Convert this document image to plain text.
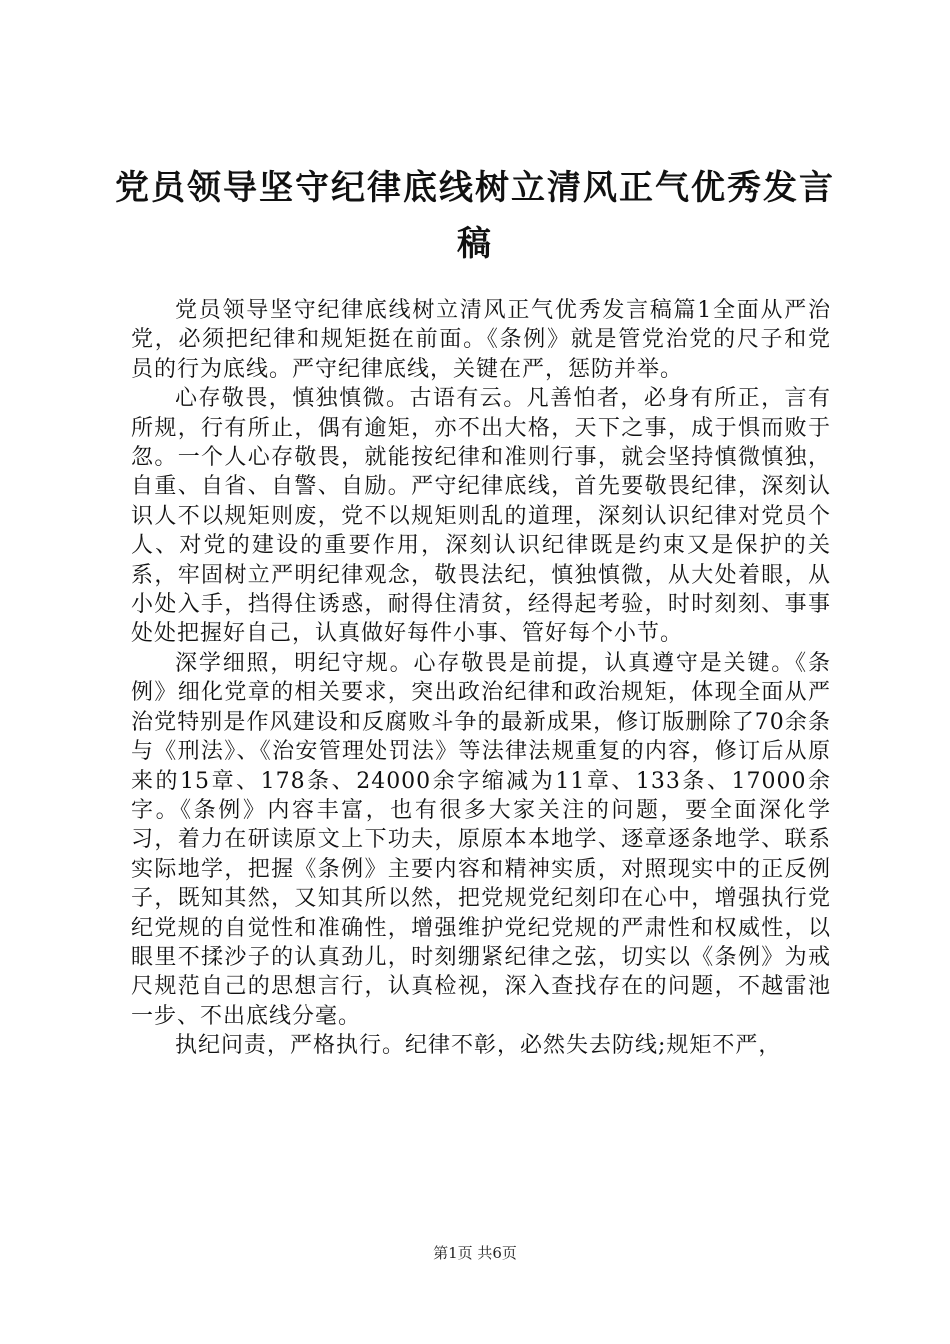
党员领导坚守纪律底线树立清风正气优秀发言稿

党员领导坚守纪律底线树立清风正气优秀发言稿篇1全面从严治党，必须把纪律和规矩挺在前面。《条例》就是管党治党的尺子和党员的行为底线。严守纪律底线，关键在严，惩防并举。

心存敬畏，慎独慎微。古语有云。凡善怕者，必身有所正，言有所规，行有所止，偶有逾矩，亦不出大格，天下之事，成于惧而败于忽。一个人心存敬畏，就能按纪律和准则行事，就会坚持慎微慎独，自重、自省、自警、自励。严守纪律底线，首先要敬畏纪律，深刻认识人不以规矩则废，党不以规矩则乱的道理，深刻认识纪律对党员个人、对党的建设的重要作用，深刻认识纪律既是约束又是保护的关系，牢固树立严明纪律观念，敬畏法纪，慎独慎微，从大处着眼，从小处入手，挡得住诱惑，耐得住清贫，经得起考验，时时刻刻、事事处处把握好自己，认真做好每件小事、管好每个小节。

深学细照，明纪守规。心存敬畏是前提，认真遵守是关键。《条例》细化党章的相关要求，突出政治纪律和政治规矩，体现全面从严治党特别是作风建设和反腐败斗争的最新成果，修订版删除了70余条与《刑法》、《治安管理处罚法》等法律法规重复的内容，修订后从原来的15章、178条、24000余字缩减为11章、133条、17000余字。《条例》内容丰富，也有很多大家关注的问题，要全面深化学习，着力在研读原文上下功夫，原原本本地学、逐章逐条地学、联系实际地学，把握《条例》主要内容和精神实质，对照现实中的正反例子，既知其然，又知其所以然，把党规党纪刻印在心中，增强执行党纪党规的自觉性和准确性，增强维护党纪党规的严肃性和权威性，以眼里不揉沙子的认真劲儿，时刻绷紧纪律之弦，切实以《条例》为戒尺规范自己的思想言行，认真检视，深入查找存在的问题，不越雷池一步、不出底线分毫。

执纪问责，严格执行。纪律不彰，必然失去防线;规矩不严，

第1页 共6页
